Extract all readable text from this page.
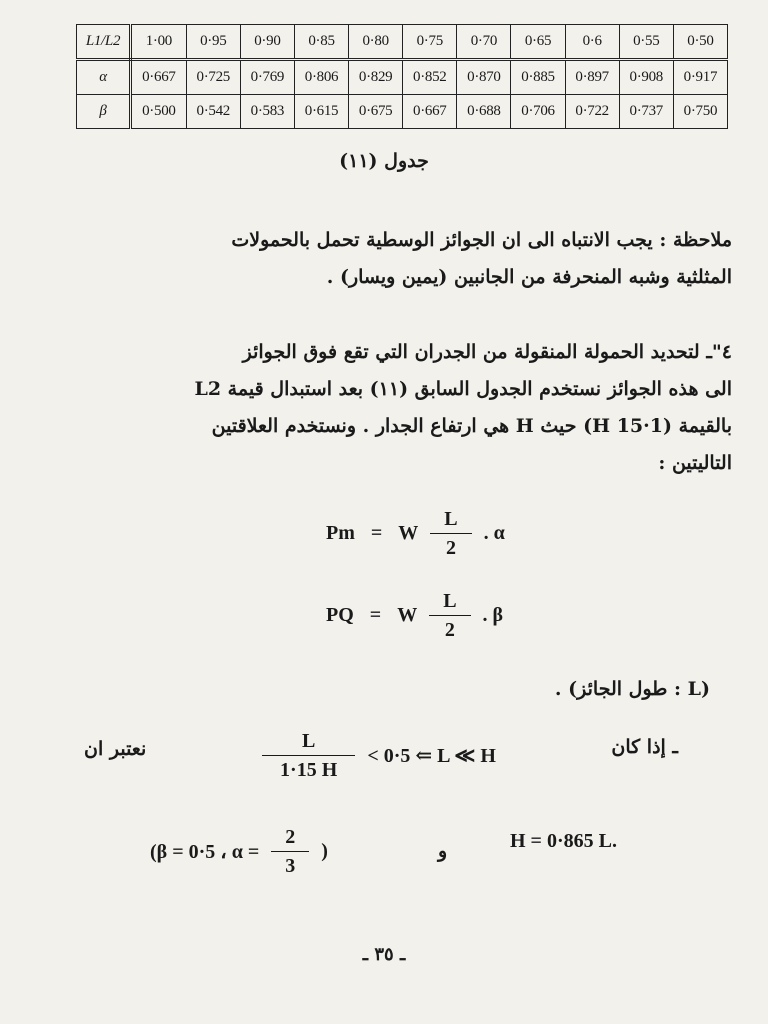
L1/L2	1·00	0·95	0·90	0·85	0·80	0·75	0·70	0·65	0·6	0·55	0·50
α	0·667	0·725	0·769	0·806	0·829	0·852	0·870	0·885	0·897	0·908	0·917
β	0·500	0·542	0·583	0·615	0·675	0·667	0·688	0·706	0·722	0·737	0·750
جدول (١١)

ملاحظة : يجب الانتباه الى ان الجوائز الوسطية تحمل بالحمولات

المثلثية وشبه المنحرفة من الجانبين (يمين ويسار) .

٤"ـ لتحديد الحمولة المنقولة من الجدران التي تقع فوق الجوائز

الى هذه الجوائز نستخدم الجدول السابق (١١) بعد استبدال قيمة L2

بالقيمة (1·15 H) حيث H هي ارتفاع الجدار . ونستخدم العلاقتين

التاليتين :

Pm = W $\frac{L}{2}$ . α
PQ = W $\frac{L}{2}$ . β
(L : طول الجائز) .
ـ إذا كان
$\frac{L}{1\cdot 15 H} < 0\cdot 5$ ⇐ L ≪ H
نعتبر ان
(β = 0·5 ، $\alpha = \frac{2}{3}$ )	و	H = 0·865 L.
ـ ٣٥ ـ
